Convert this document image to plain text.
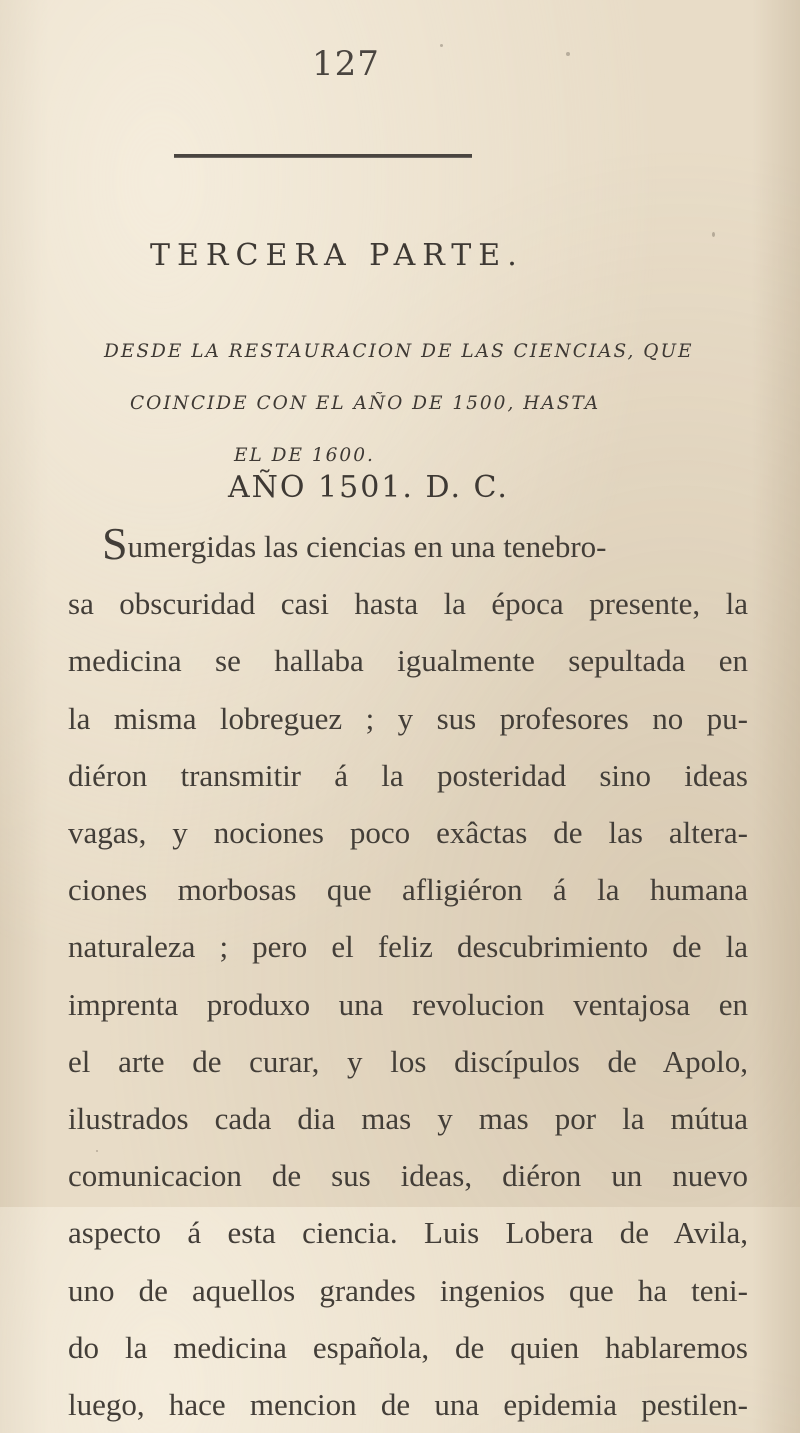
127
TERCERA PARTE.
DESDE LA RESTAURACION DE LAS CIENCIAS, QUE
COINCIDE CON EL AÑO DE 1500, HASTA
EL DE 1600.
AÑO 1501. D. C.
Sumergidas las ciencias en una tenebro-
sa obscuridad casi hasta la época presente, la
medicina se hallaba igualmente sepultada en
la misma lobreguez ; y sus profesores no pu-
diéron transmitir á la posteridad sino ideas
vagas, y nociones poco exâctas de las altera-
ciones morbosas que afligiéron á la humana
naturaleza ; pero el feliz descubrimiento de la
imprenta produxo una revolucion ventajosa en
el arte de curar, y los discípulos de Apolo,
ilustrados cada dia mas y mas por la mútua
comunicacion de sus ideas, diéron un nuevo
aspecto á esta ciencia. Luis Lobera de Avila,
uno de aquellos grandes ingenios que ha teni-
do la medicina española, de quien hablaremos
luego, hace mencion de una epidemia pestilen-
